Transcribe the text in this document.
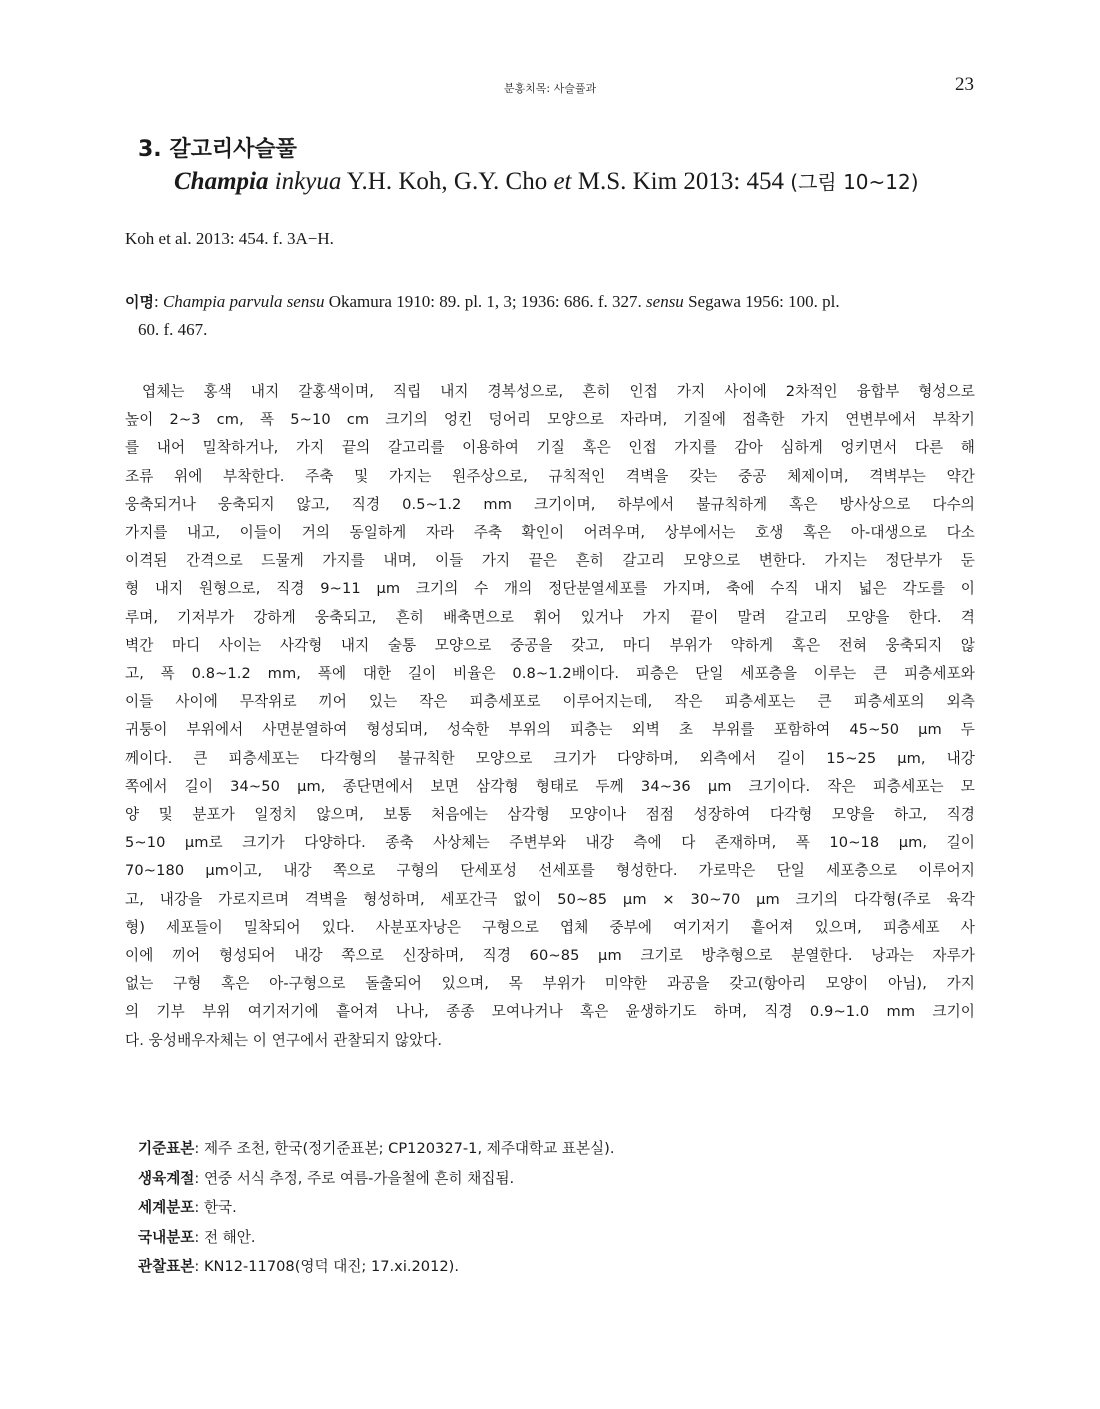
분홍치목: 사슬풀과	23
3. 갈고리사슬풀
Champia inkyua Y.H. Koh, G.Y. Cho et M.S. Kim 2013: 454 (그림 10~12)
Koh et al. 2013: 454. f. 3A−H.
이명: Champia parvula sensu Okamura 1910: 89. pl. 1, 3; 1936: 686. f. 327. sensu Segawa 1956: 100. pl.
60. f. 467.
엽체는 홍색 내지 갈홍색이며, 직립 내지 경복성으로, 흔히 인접 가지 사이에 2차적인 융합부 형성으로
높이 2~3 cm, 폭 5~10 cm 크기의 엉킨 덩어리 모양으로 자라며, 기질에 접촉한 가지 연변부에서 부착기
를 내어 밀착하거나, 가지 끝의 갈고리를 이용하여 기질 혹은 인접 가지를 감아 심하게 엉키면서 다른 해
조류 위에 부착한다. 주축 및 가지는 원주상으로, 규칙적인 격벽을 갖는 중공 체제이며, 격벽부는 약간
웅축되거나 웅축되지 않고, 직경 0.5~1.2 mm 크기이며, 하부에서 불규칙하게 혹은 방사상으로 다수의
가지를 내고, 이들이 거의 동일하게 자라 주축 확인이 어려우며, 상부에서는 호생 혹은 아-대생으로 다소
이격된 간격으로 드물게 가지를 내며, 이들 가지 끝은 흔히 갈고리 모양으로 변한다. 가지는 정단부가 둔
형 내지 원형으로, 직경 9~11 μm 크기의 수 개의 정단분열세포를 가지며, 축에 수직 내지 넓은 각도를 이
루며, 기저부가 강하게 웅축되고, 흔히 배축면으로 휘어 있거나 가지 끝이 말려 갈고리 모양을 한다. 격
벽간 마디 사이는 사각형 내지 술통 모양으로 중공을 갖고, 마디 부위가 약하게 혹은 전혀 웅축되지 않
고, 폭 0.8~1.2 mm, 폭에 대한 길이 비율은 0.8~1.2배이다. 피층은 단일 세포층을 이루는 큰 피층세포와
이들 사이에 무작위로 끼어 있는 작은 피층세포로 이루어지는데, 작은 피층세포는 큰 피층세포의 외측
귀퉁이 부위에서 사면분열하여 형성되며, 성숙한 부위의 피층는 외벽 초 부위를 포함하여 45~50 μm 두
께이다. 큰 피층세포는 다각형의 불규칙한 모양으로 크기가 다양하며, 외측에서 길이 15~25 μm, 내강
쪽에서 길이 34~50 μm, 종단면에서 보면 삼각형 형태로 두께 34~36 μm 크기이다. 작은 피층세포는 모
양 및 분포가 일정치 않으며, 보통 처음에는 삼각형 모양이나 점점 성장하여 다각형 모양을 하고, 직경
5~10 μm로 크기가 다양하다. 종축 사상체는 주변부와 내강 측에 다 존재하며, 폭 10~18 μm, 길이
70~180 μm이고, 내강 쪽으로 구형의 단세포성 선세포를 형성한다. 가로막은 단일 세포층으로 이루어지
고, 내강을 가로지르며 격벽을 형성하며, 세포간극 없이 50~85 μm × 30~70 μm 크기의 다각형(주로 육각
형) 세포들이 밀착되어 있다. 사분포자낭은 구형으로 엽체 중부에 여기저기 흩어져 있으며, 피층세포 사
이에 끼어 형성되어 내강 쪽으로 신장하며, 직경 60~85 μm 크기로 방추형으로 분열한다. 낭과는 자루가
없는 구형 혹은 아-구형으로 돌출되어 있으며, 목 부위가 미약한 과공을 갖고(항아리 모양이 아님), 가지
의 기부 부위 여기저기에 흩어져 나나, 종종 모여나거나 혹은 윤생하기도 하며, 직경 0.9~1.0 mm 크기이
다. 웅성배우자체는 이 연구에서 관찰되지 않았다.
기준표본: 제주 조천, 한국(정기준표본; CP120327-1, 제주대학교 표본실).
생육계절: 연중 서식 추정, 주로 여름-가을철에 흔히 채집됨.
세계분포: 한국.
국내분포: 전 해안.
관찰표본: KN12-11708(영덕 대진; 17.xi.2012).
